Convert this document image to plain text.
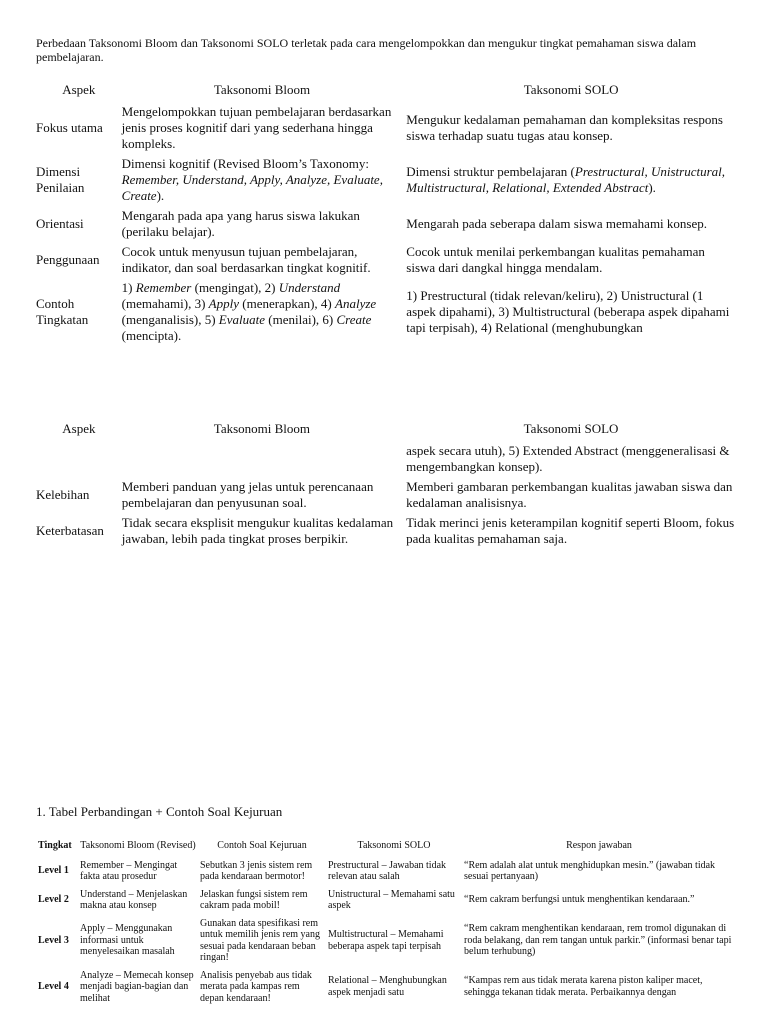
Perbedaan Taksonomi Bloom dan Taksonomi SOLO terletak pada cara mengelompokkan dan mengukur tingkat pemahaman siswa dalam pembelajaran.
Aspek	Taksonomi Bloom	Taksonomi SOLO
Fokus utama	Mengelompokkan tujuan pembelajaran berdasarkan jenis proses kognitif dari yang sederhana hingga kompleks.	Mengukur kedalaman pemahaman dan kompleksitas respons siswa terhadap suatu tugas atau konsep.
Dimensi Penilaian	Dimensi kognitif (Revised Bloom’s Taxonomy: Remember, Understand, Apply, Analyze, Evaluate, Create).	Dimensi struktur pembelajaran (Prestructural, Unistructural, Multistructural, Relational, Extended Abstract).
Orientasi	Mengarah pada apa yang harus siswa lakukan (perilaku belajar).	Mengarah pada seberapa dalam siswa memahami konsep.
Penggunaan	Cocok untuk menyusun tujuan pembelajaran, indikator, dan soal berdasarkan tingkat kognitif.	Cocok untuk menilai perkembangan kualitas pemahaman siswa dari dangkal hingga mendalam.
Contoh Tingkatan	1) Remember (mengingat), 2) Understand (memahami), 3) Apply (menerapkan), 4) Analyze (menganalisis), 5) Evaluate (menilai), 6) Create (mencipta).	1) Prestructural (tidak relevan/keliru), 2) Unistructural (1 aspek dipahami), 3) Multistructural (beberapa aspek dipahami tapi terpisah), 4) Relational (menghubungkan
Aspek	Taksonomi Bloom	Taksonomi SOLO
		aspek secara utuh), 5) Extended Abstract (menggeneralisasi & mengembangkan konsep).
Kelebihan	Memberi panduan yang jelas untuk perencanaan pembelajaran dan penyusunan soal.	Memberi gambaran perkembangan kualitas jawaban siswa dan kedalaman analisisnya.
Keterbatasan	Tidak secara eksplisit mengukur kualitas kedalaman jawaban, lebih pada tingkat proses berpikir.	Tidak merinci jenis keterampilan kognitif seperti Bloom, fokus pada kualitas pemahaman saja.
1. Tabel Perbandingan + Contoh Soal Kejuruan
Tingkat	Taksonomi Bloom (Revised)	Contoh Soal Kejuruan	Taksonomi SOLO	Respon jawaban
Level 1	Remember – Mengingat fakta atau prosedur	Sebutkan 3 jenis sistem rem pada kendaraan bermotor!	Prestructural – Jawaban tidak relevan atau salah	“Rem adalah alat untuk menghidupkan mesin.” (jawaban tidak sesuai pertanyaan)
Level 2	Understand – Menjelaskan makna atau konsep	Jelaskan fungsi sistem rem cakram pada mobil!	Unistructural – Memahami satu aspek	“Rem cakram berfungsi untuk menghentikan kendaraan.”
Level 3	Apply – Menggunakan informasi untuk menyelesaikan masalah	Gunakan data spesifikasi rem untuk memilih jenis rem yang sesuai pada kendaraan beban ringan!	Multistructural – Memahami beberapa aspek tapi terpisah	“Rem cakram menghentikan kendaraan, rem tromol digunakan di roda belakang, dan rem tangan untuk parkir.” (informasi benar tapi belum terhubung)
Level 4	Analyze – Memecah konsep menjadi bagian-bagian dan melihat	Analisis penyebab aus tidak merata pada kampas rem depan kendaraan!	Relational – Menghubungkan aspek menjadi satu	“Kampas rem aus tidak merata karena piston kaliper macet, sehingga tekanan tidak merata. Perbaikannya dengan
